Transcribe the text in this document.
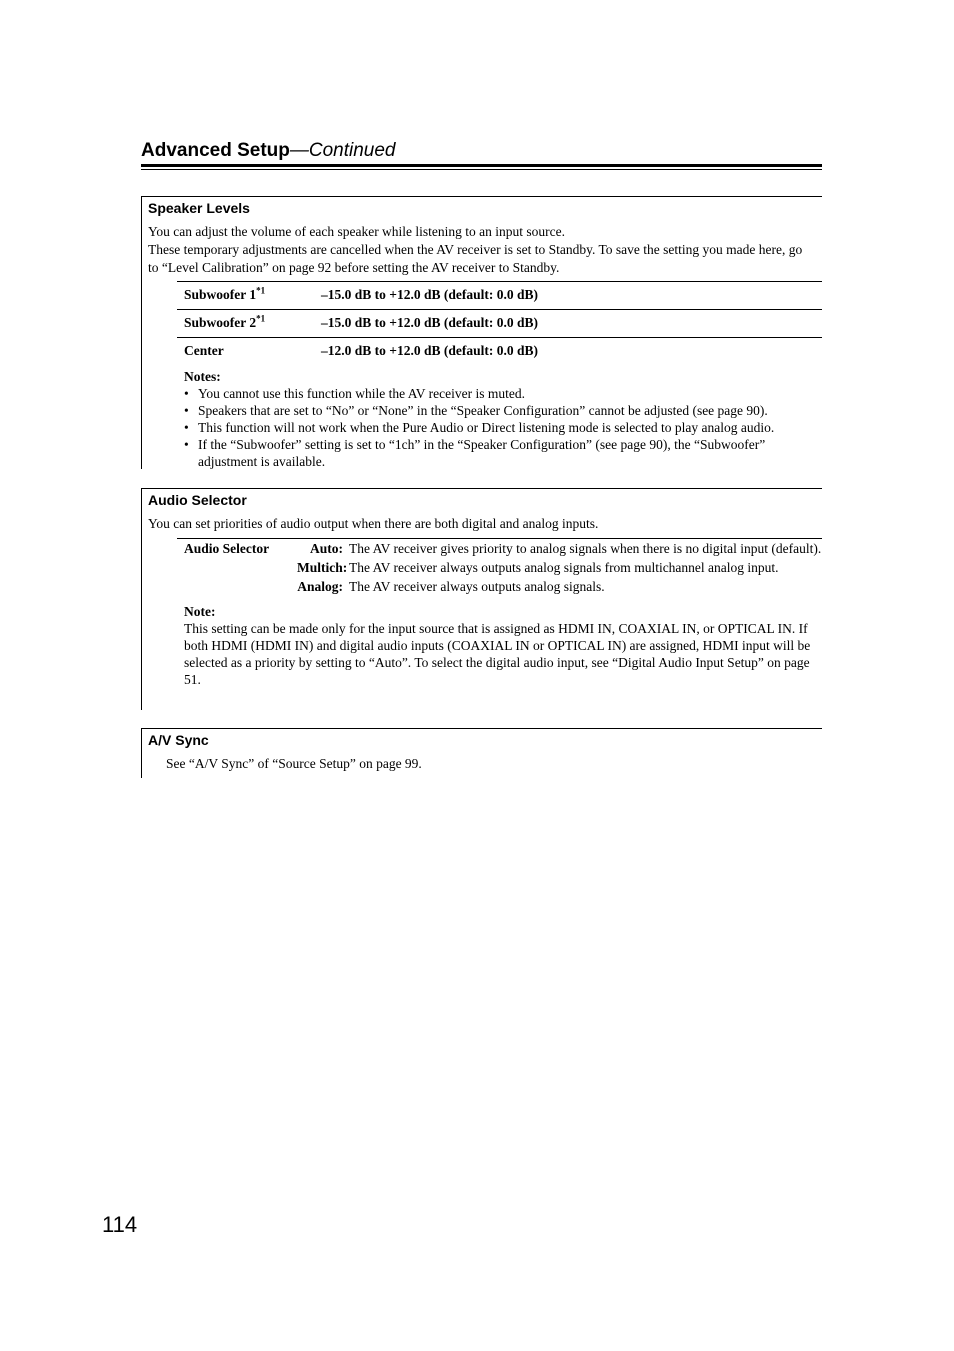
Advanced Setup—Continued
Speaker Levels

You can adjust the volume of each speaker while listening to an input source.

These temporary adjustments are cancelled when the AV receiver is set to Standby. To save the setting you made here, go to “Level Calibration” on page 92 before setting the AV receiver to Standby.

Subwoofer 1$^{*1}$	–15.0 dB to +12.0 dB (default: 0.0 dB)
Subwoofer 2$^{*1}$	–15.0 dB to +12.0 dB (default: 0.0 dB)
Center	–12.0 dB to +12.0 dB (default: 0.0 dB)
Notes:
• You cannot use this function while the AV receiver is muted.
• Speakers that are set to “No” or “None” in the “Speaker Configuration” cannot be adjusted (see page 90).
• This function will not work when the Pure Audio or Direct listening mode is selected to play analog audio.
• If the “Subwoofer” setting is set to “1ch” in the “Speaker Configuration” (see page 90), the “Subwoofer” adjustment is available.
Audio Selector

You can set priorities of audio output when there are both digital and analog inputs.

Audio Selector	Auto: The AV receiver gives priority to analog signals when there is no digital input (default).
Multich: The AV receiver always outputs analog signals from multichannel analog input.
Analog: The AV receiver always outputs analog signals.
Note:
This setting can be made only for the input source that is assigned as HDMI IN, COAXIAL IN, or OPTICAL IN. If both HDMI (HDMI IN) and digital audio inputs (COAXIAL IN or OPTICAL IN) are assigned, HDMI input will be selected as a priority by setting to “Auto”. To select the digital audio input, see “Digital Audio Input Setup” on page 51.
A/V Sync

See “A/V Sync” of “Source Setup” on page 99.

114
